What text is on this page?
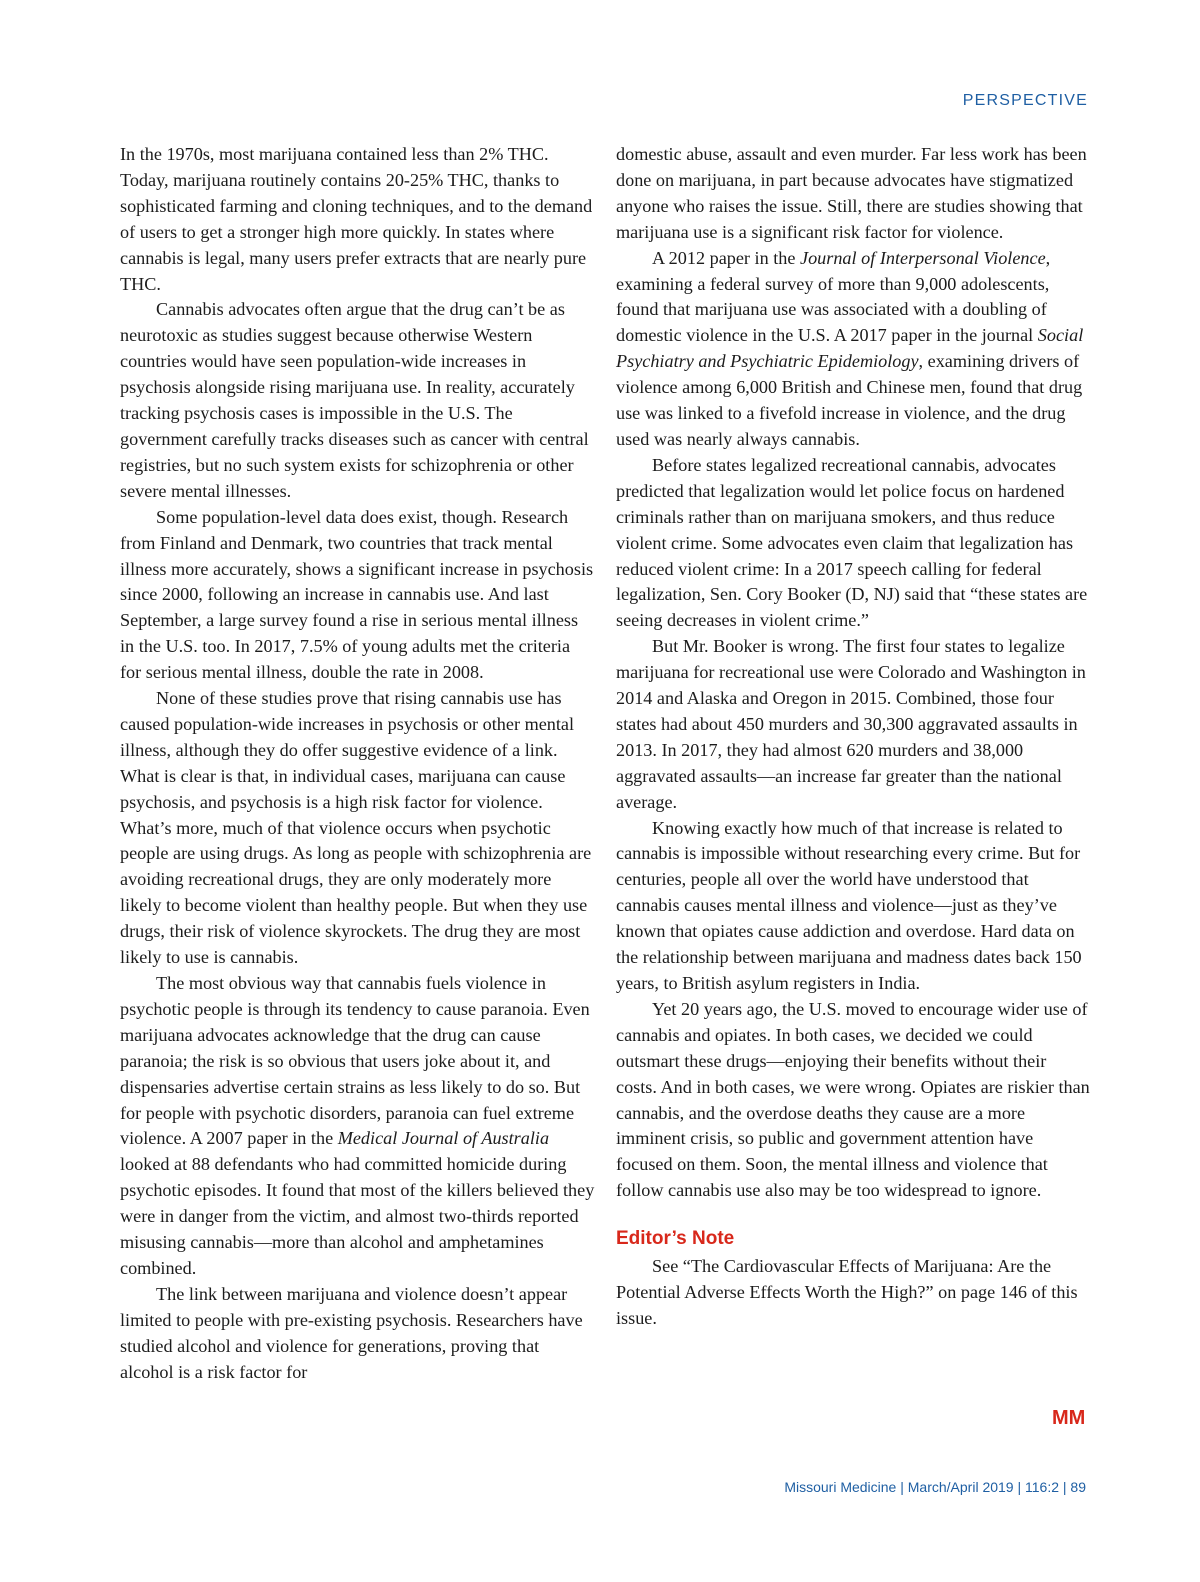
PERSPECTIVE

In the 1970s, most marijuana contained less than 2% THC. Today, marijuana routinely contains 20-25% THC, thanks to sophisticated farming and cloning techniques, and to the demand of users to get a stronger high more quickly. In states where cannabis is legal, many users prefer extracts that are nearly pure THC.

Cannabis advocates often argue that the drug can’t be as neurotoxic as studies suggest because otherwise Western countries would have seen population-wide increases in psychosis alongside rising marijuana use. In reality, accurately tracking psychosis cases is impossible in the U.S. The government carefully tracks diseases such as cancer with central registries, but no such system exists for schizophrenia or other severe mental illnesses.

Some population-level data does exist, though. Research from Finland and Denmark, two countries that track mental illness more accurately, shows a significant increase in psychosis since 2000, following an increase in cannabis use. And last September, a large survey found a rise in serious mental illness in the U.S. too. In 2017, 7.5% of young adults met the criteria for serious mental illness, double the rate in 2008.

None of these studies prove that rising cannabis use has caused population-wide increases in psychosis or other mental illness, although they do offer suggestive evidence of a link. What is clear is that, in individual cases, marijuana can cause psychosis, and psychosis is a high risk factor for violence. What’s more, much of that violence occurs when psychotic people are using drugs. As long as people with schizophrenia are avoiding recreational drugs, they are only moderately more likely to become violent than healthy people. But when they use drugs, their risk of violence skyrockets. The drug they are most likely to use is cannabis.

The most obvious way that cannabis fuels violence in psychotic people is through its tendency to cause paranoia. Even marijuana advocates acknowledge that the drug can cause paranoia; the risk is so obvious that users joke about it, and dispensaries advertise certain strains as less likely to do so. But for people with psychotic disorders, paranoia can fuel extreme violence. A 2007 paper in the Medical Journal of Australia looked at 88 defendants who had committed homicide during psychotic episodes. It found that most of the killers believed they were in danger from the victim, and almost two-thirds reported misusing cannabis—more than alcohol and amphetamines combined.

The link between marijuana and violence doesn’t appear limited to people with pre-existing psychosis. Researchers have studied alcohol and violence for generations, proving that alcohol is a risk factor for

domestic abuse, assault and even murder. Far less work has been done on marijuana, in part because advocates have stigmatized anyone who raises the issue. Still, there are studies showing that marijuana use is a significant risk factor for violence.

A 2012 paper in the Journal of Interpersonal Violence, examining a federal survey of more than 9,000 adolescents, found that marijuana use was associated with a doubling of domestic violence in the U.S. A 2017 paper in the journal Social Psychiatry and Psychiatric Epidemiology, examining drivers of violence among 6,000 British and Chinese men, found that drug use was linked to a fivefold increase in violence, and the drug used was nearly always cannabis.

Before states legalized recreational cannabis, advocates predicted that legalization would let police focus on hardened criminals rather than on marijuana smokers, and thus reduce violent crime. Some advocates even claim that legalization has reduced violent crime: In a 2017 speech calling for federal legalization, Sen. Cory Booker (D, NJ) said that “these states are seeing decreases in violent crime.”

But Mr. Booker is wrong. The first four states to legalize marijuana for recreational use were Colorado and Washington in 2014 and Alaska and Oregon in 2015. Combined, those four states had about 450 murders and 30,300 aggravated assaults in 2013. In 2017, they had almost 620 murders and 38,000 aggravated assaults—an increase far greater than the national average.

Knowing exactly how much of that increase is related to cannabis is impossible without researching every crime. But for centuries, people all over the world have understood that cannabis causes mental illness and violence—just as they’ve known that opiates cause addiction and overdose. Hard data on the relationship between marijuana and madness dates back 150 years, to British asylum registers in India.

Yet 20 years ago, the U.S. moved to encourage wider use of cannabis and opiates. In both cases, we decided we could outsmart these drugs—enjoying their benefits without their costs. And in both cases, we were wrong. Opiates are riskier than cannabis, and the overdose deaths they cause are a more imminent crisis, so public and government attention have focused on them. Soon, the mental illness and violence that follow cannabis use also may be too widespread to ignore.

Editor’s Note

See “The Cardiovascular Effects of Marijuana: Are the Potential Adverse Effects Worth the High?” on page 146 of this issue.

MM
Missouri Medicine | March/April 2019 | 116:2 | 89
